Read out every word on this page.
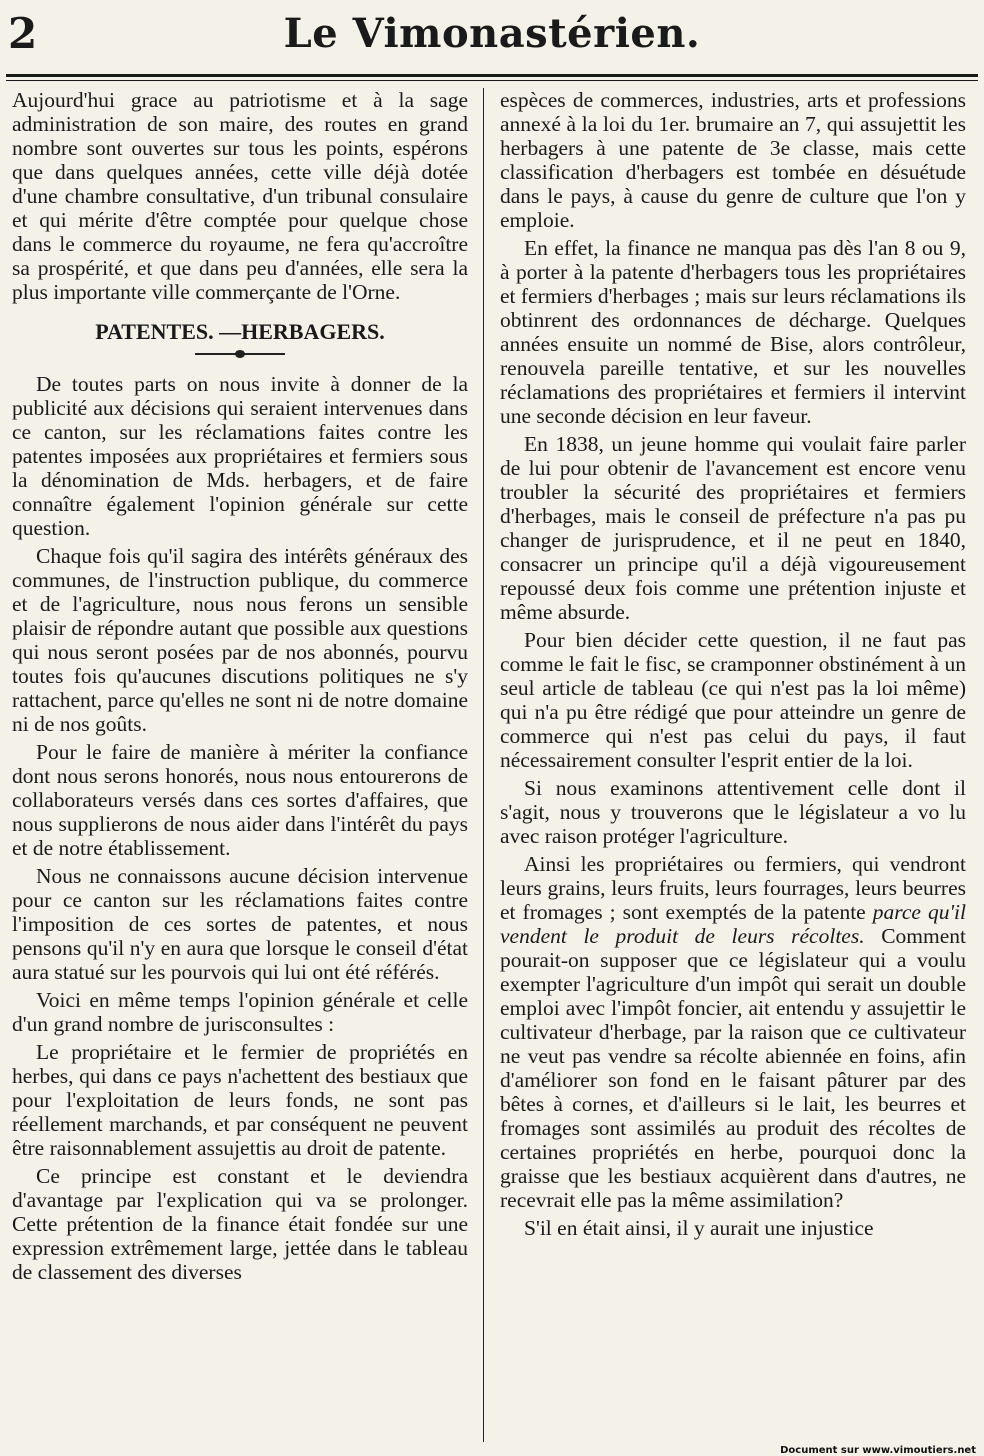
2	Le Vimonastérien.

Aujourd'hui grace au patriotisme et à la sage administration de son maire, des routes en grand nombre sont ouvertes sur tous les points, espérons que dans quelques années, cette ville déjà dotée d'une chambre consultative, d'un tribunal consulaire et qui mérite d'être comptée pour quelque chose dans le commerce du royaume, ne fera qu'accroître sa prospérité, et que dans peu d'années, elle sera la plus importante ville commerçante de l'Orne.

PATENTES. —HERBAGERS.

De toutes parts on nous invite à donner de la publicité aux décisions qui seraient intervenues dans ce canton, sur les réclamations faites contre les patentes imposées aux propriétaires et fermiers sous la dénomination de Mds. herbagers, et de faire connaître également l'opinion générale sur cette question.

Chaque fois qu'il sagira des intérêts généraux des communes, de l'instruction publique, du commerce et de l'agriculture, nous nous ferons un sensible plaisir de répondre autant que possible aux questions qui nous seront posées par de nos abonnés, pourvu toutes fois qu'aucunes discutions politiques ne s'y rattachent, parce qu'elles ne sont ni de notre domaine ni de nos goûts.

Pour le faire de manière à mériter la confiance dont nous serons honorés, nous nous entourerons de collaborateurs versés dans ces sortes d'affaires, que nous supplierons de nous aider dans l'intérêt du pays et de notre établissement.

Nous ne connaissons aucune décision intervenue pour ce canton sur les réclamations faites contre l'imposition de ces sortes de patentes, et nous pensons qu'il n'y en aura que lorsque le conseil d'état aura statué sur les pourvois qui lui ont été référés.

Voici en même temps l'opinion générale et celle d'un grand nombre de jurisconsultes :

Le propriétaire et le fermier de propriétés en herbes, qui dans ce pays n'achettent des bestiaux que pour l'exploitation de leurs fonds, ne sont pas réellement marchands, et par conséquent ne peuvent être raisonnablement assujettis au droit de patente.

Ce principe est constant et le deviendra d'avantage par l'explication qui va se prolonger. Cette prétention de la finance était fondée sur une expression extrêmement large, jettée dans le tableau de classement des diverses

espèces de commerces, industries, arts et professions annexé à la loi du 1er. brumaire an 7, qui assujettit les herbagers à une patente de 3e classe, mais cette classification d'herbagers est tombée en désuétude dans le pays, à cause du genre de culture que l'on y emploie.

En effet, la finance ne manqua pas dès l'an 8 ou 9, à porter à la patente d'herbagers tous les propriétaires et fermiers d'herbages ; mais sur leurs réclamations ils obtinrent des ordonnances de décharge. Quelques années ensuite un nommé de Bise, alors contrôleur, renouvela pareille tentative, et sur les nouvelles réclamations des propriétaires et fermiers il intervint une seconde décision en leur faveur.

En 1838, un jeune homme qui voulait faire parler de lui pour obtenir de l'avancement est encore venu troubler la sécurité des propriétaires et fermiers d'herbages, mais le conseil de préfecture n'a pas pu changer de jurisprudence, et il ne peut en 1840, consacrer un principe qu'il a déjà vigoureusement repoussé deux fois comme une prétention injuste et même absurde.

Pour bien décider cette question, il ne faut pas comme le fait le fisc, se cramponner obstinément à un seul article de tableau (ce qui n'est pas la loi même) qui n'a pu être rédigé que pour atteindre un genre de commerce qui n'est pas celui du pays, il faut nécessairement consulter l'esprit entier de la loi.

Si nous examinons attentivement celle dont il s'agit, nous y trouverons que le législateur a vo lu avec raison protéger l'agriculture.

Ainsi les propriétaires ou fermiers, qui vendront leurs grains, leurs fruits, leurs fourrages, leurs beurres et fromages ; sont exemptés de la patente parce qu'il vendent le produit de leurs récoltes. Comment pourait-on supposer que ce législateur qui a voulu exempter l'agriculture d'un impôt qui serait un double emploi avec l'impôt foncier, ait entendu y assujettir le cultivateur d'herbage, par la raison que ce cultivateur ne veut pas vendre sa récolte abiennée en foins, afin d'améliorer son fond en le faisant pâturer par des bêtes à cornes, et d'ailleurs si le lait, les beurres et fromages sont assimilés au produit des récoltes de certaines propriétés en herbe, pourquoi donc la graisse que les bestiaux acquièrent dans d'autres, ne recevrait elle pas la même assimilation?

S'il en était ainsi, il y aurait une injustice

Document sur www.vimoutiers.net
